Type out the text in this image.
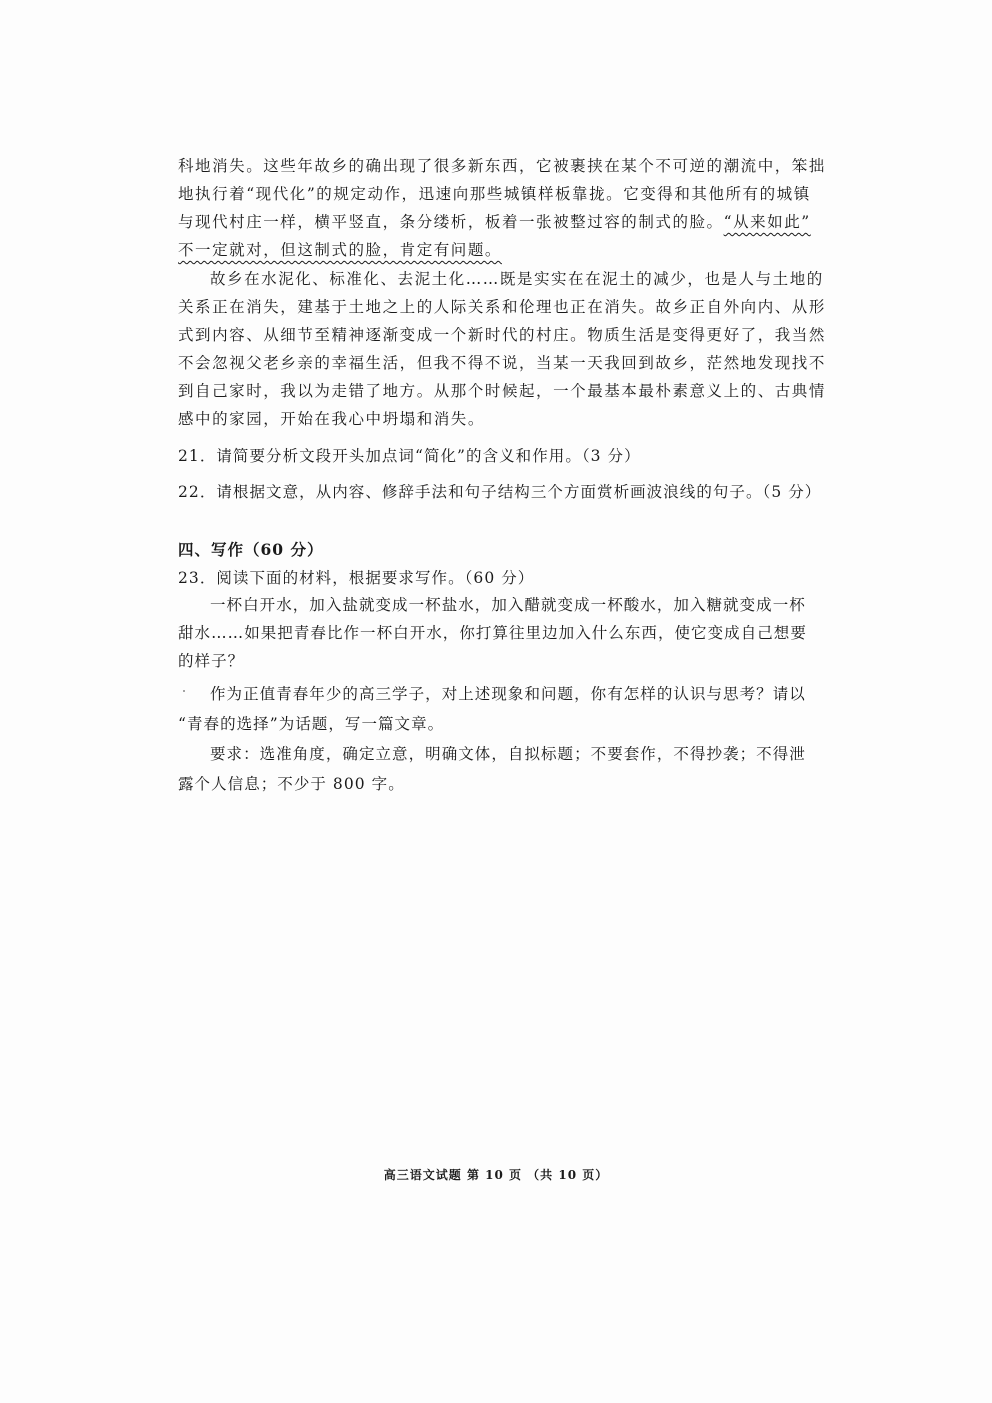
科地消失。这些年故乡的确出现了很多新东西，它被裹挟在某个不可逆的潮流中，笨拙
地执行着“现代化”的规定动作，迅速向那些城镇样板靠拢。它变得和其他所有的城镇
与现代村庄一样，横平竖直，条分缕析，板着一张被整过容的制式的脸。“从来如此”
不一定就对，但这制式的脸，肯定有问题。
故乡在水泥化、标准化、去泥土化……既是实实在在泥土的减少，也是人与土地的
关系正在消失，建基于土地之上的人际关系和伦理也正在消失。故乡正自外向内、从形
式到内容、从细节至精神逐渐变成一个新时代的村庄。物质生活是变得更好了，我当然
不会忽视父老乡亲的幸福生活，但我不得不说，当某一天我回到故乡，茫然地发现找不
到自己家时，我以为走错了地方。从那个时候起，一个最基本最朴素意义上的、古典情
感中的家园，开始在我心中坍塌和消失。
21．请简要分析文段开头加点词“简化”的含义和作用。（3 分）
22．请根据文意，从内容、修辞手法和句子结构三个方面赏析画波浪线的句子。（5 分）
四、写作（60 分）
23．阅读下面的材料，根据要求写作。（60 分）
一杯白开水，加入盐就变成一杯盐水，加入醋就变成一杯酸水，加入糖就变成一杯
甜水……如果把青春比作一杯白开水，你打算往里边加入什么东西，使它变成自己想要
的样子？
作为正值青春年少的高三学子，对上述现象和问题，你有怎样的认识与思考？请以
“青春的选择”为话题，写一篇文章。
要求：选准角度，确定立意，明确文体，自拟标题；不要套作，不得抄袭；不得泄
露个人信息；不少于 800 字。
高三语文试题 第 10 页 （共 10 页）
